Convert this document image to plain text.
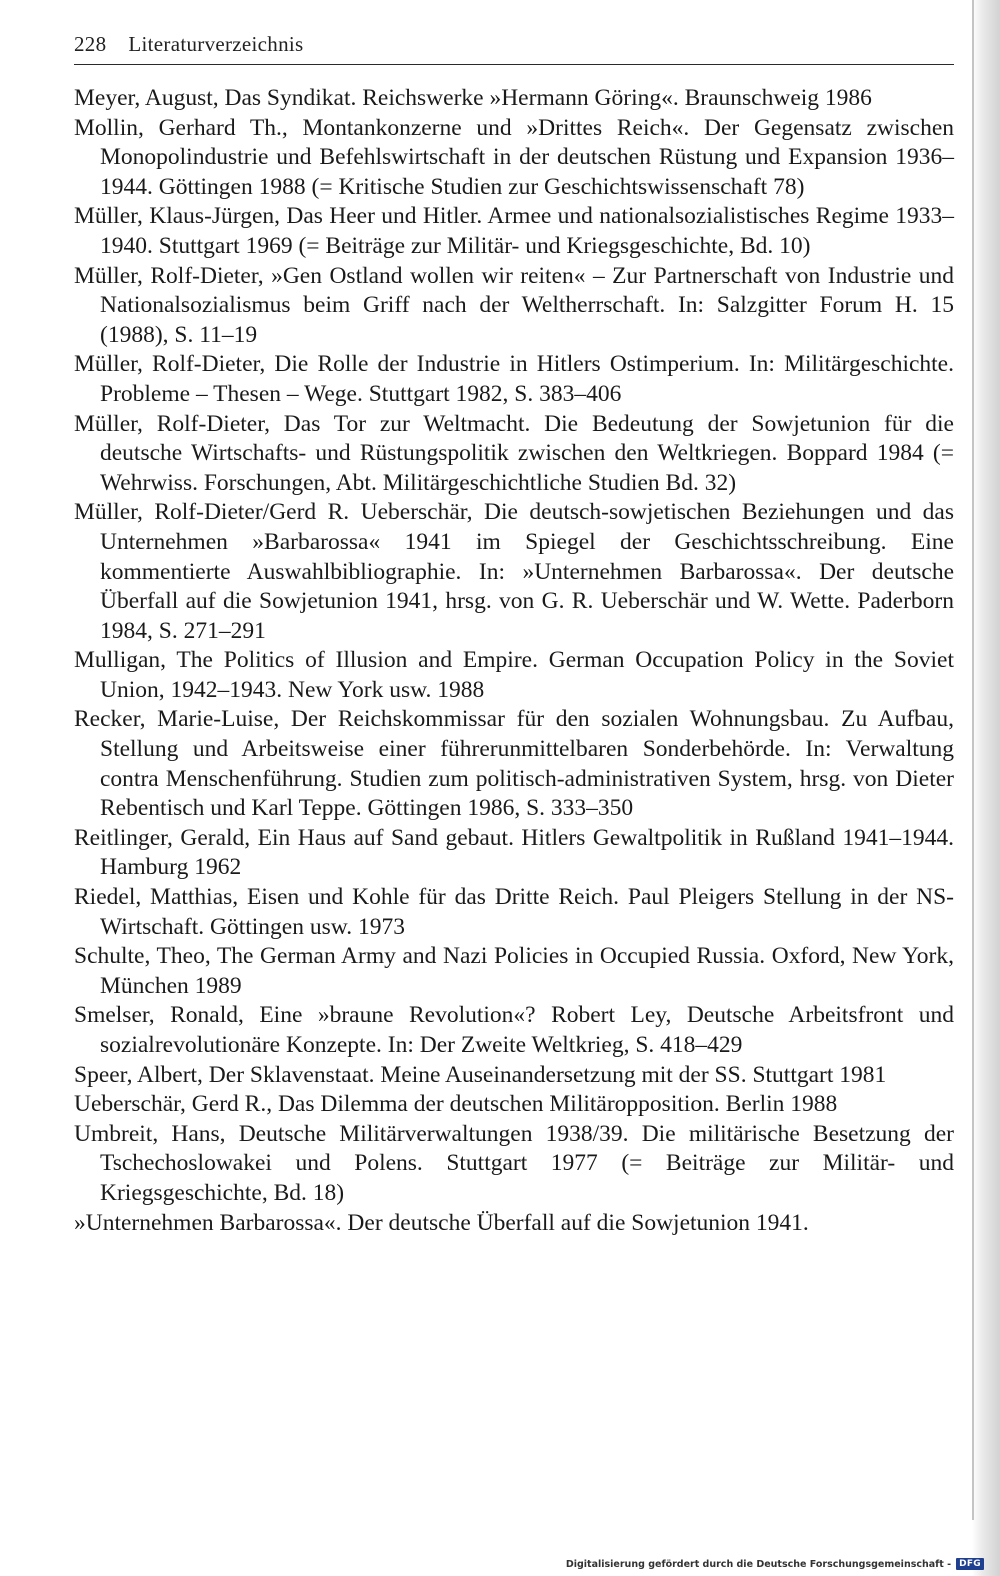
228 Literaturverzeichnis

Meyer, August, Das Syndikat. Reichswerke »Hermann Göring«. Braunschweig 1986

Mollin, Gerhard Th., Montankonzerne und »Drittes Reich«. Der Gegensatz zwischen Monopolindustrie und Befehlswirtschaft in der deutschen Rüstung und Expansion 1936–1944. Göttingen 1988 (= Kritische Studien zur Geschichtswissenschaft 78)

Müller, Klaus-Jürgen, Das Heer und Hitler. Armee und nationalsozialistisches Regime 1933–1940. Stuttgart 1969 (= Beiträge zur Militär- und Kriegsgeschichte, Bd. 10)

Müller, Rolf-Dieter, »Gen Ostland wollen wir reiten« – Zur Partnerschaft von Industrie und Nationalsozialismus beim Griff nach der Weltherrschaft. In: Salzgitter Forum H. 15 (1988), S. 11–19

Müller, Rolf-Dieter, Die Rolle der Industrie in Hitlers Ostimperium. In: Militärgeschichte. Probleme – Thesen – Wege. Stuttgart 1982, S. 383–406

Müller, Rolf-Dieter, Das Tor zur Weltmacht. Die Bedeutung der Sowjetunion für die deutsche Wirtschafts- und Rüstungspolitik zwischen den Weltkriegen. Boppard 1984 (= Wehrwiss. Forschungen, Abt. Militärgeschichtliche Studien Bd. 32)

Müller, Rolf-Dieter/Gerd R. Ueberschär, Die deutsch-sowjetischen Beziehungen und das Unternehmen »Barbarossa« 1941 im Spiegel der Geschichtsschreibung. Eine kommentierte Auswahlbibliographie. In: »Unternehmen Barbarossa«. Der deutsche Überfall auf die Sowjetunion 1941, hrsg. von G. R. Ueberschär und W. Wette. Paderborn 1984, S. 271–291

Mulligan, The Politics of Illusion and Empire. German Occupation Policy in the Soviet Union, 1942–1943. New York usw. 1988

Recker, Marie-Luise, Der Reichskommissar für den sozialen Wohnungsbau. Zu Aufbau, Stellung und Arbeitsweise einer führerunmittelbaren Sonderbehörde. In: Verwaltung contra Menschenführung. Studien zum politisch-administrativen System, hrsg. von Dieter Rebentisch und Karl Teppe. Göttingen 1986, S. 333–350

Reitlinger, Gerald, Ein Haus auf Sand gebaut. Hitlers Gewaltpolitik in Rußland 1941–1944. Hamburg 1962

Riedel, Matthias, Eisen und Kohle für das Dritte Reich. Paul Pleigers Stellung in der NS-Wirtschaft. Göttingen usw. 1973

Schulte, Theo, The German Army and Nazi Policies in Occupied Russia. Oxford, New York, München 1989

Smelser, Ronald, Eine »braune Revolution«? Robert Ley, Deutsche Arbeitsfront und sozialrevolutionäre Konzepte. In: Der Zweite Weltkrieg, S. 418–429

Speer, Albert, Der Sklavenstaat. Meine Auseinandersetzung mit der SS. Stuttgart 1981

Ueberschär, Gerd R., Das Dilemma der deutschen Militäropposition. Berlin 1988

Umbreit, Hans, Deutsche Militärverwaltungen 1938/39. Die militärische Besetzung der Tschechoslowakei und Polens. Stuttgart 1977 (= Beiträge zur Militär- und Kriegsgeschichte, Bd. 18)

»Unternehmen Barbarossa«. Der deutsche Überfall auf die Sowjetunion 1941.

Digitalisierung gefördert durch die Deutsche Forschungsgemeinschaft - DFG
